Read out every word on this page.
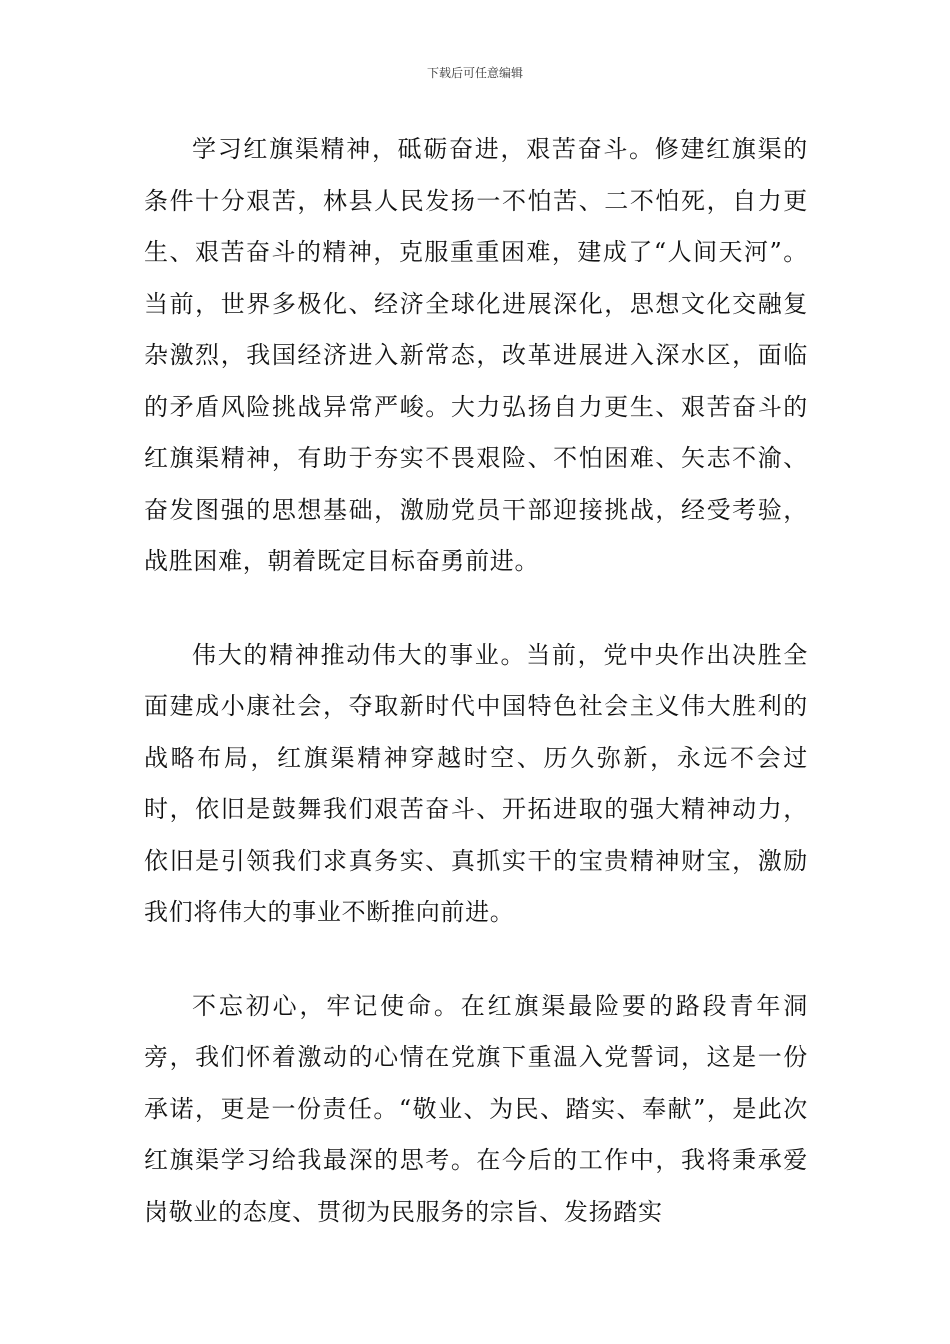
下载后可任意编辑

学习红旗渠精神，砥砺奋进，艰苦奋斗。修建红旗渠的条件十分艰苦，林县人民发扬一不怕苦、二不怕死，自力更生、艰苦奋斗的精神，克服重重困难，建成了“人间天河”。当前，世界多极化、经济全球化进展深化，思想文化交融复杂激烈，我国经济进入新常态，改革进展进入深水区，面临的矛盾风险挑战异常严峻。大力弘扬自力更生、艰苦奋斗的红旗渠精神，有助于夯实不畏艰险、不怕困难、矢志不渝、奋发图强的思想基础，激励党员干部迎接挑战，经受考验，战胜困难，朝着既定目标奋勇前进。

伟大的精神推动伟大的事业。当前，党中央作出决胜全面建成小康社会，夺取新时代中国特色社会主义伟大胜利的战略布局，红旗渠精神穿越时空、历久弥新，永远不会过时，依旧是鼓舞我们艰苦奋斗、开拓进取的强大精神动力，依旧是引领我们求真务实、真抓实干的宝贵精神财宝，激励我们将伟大的事业不断推向前进。

不忘初心，牢记使命。在红旗渠最险要的路段青年洞旁，我们怀着激动的心情在党旗下重温入党誓词，这是一份承诺，更是一份责任。“敬业、为民、踏实、奉献”，是此次红旗渠学习给我最深的思考。在今后的工作中，我将秉承爱岗敬业的态度、贯彻为民服务的宗旨、发扬踏实
